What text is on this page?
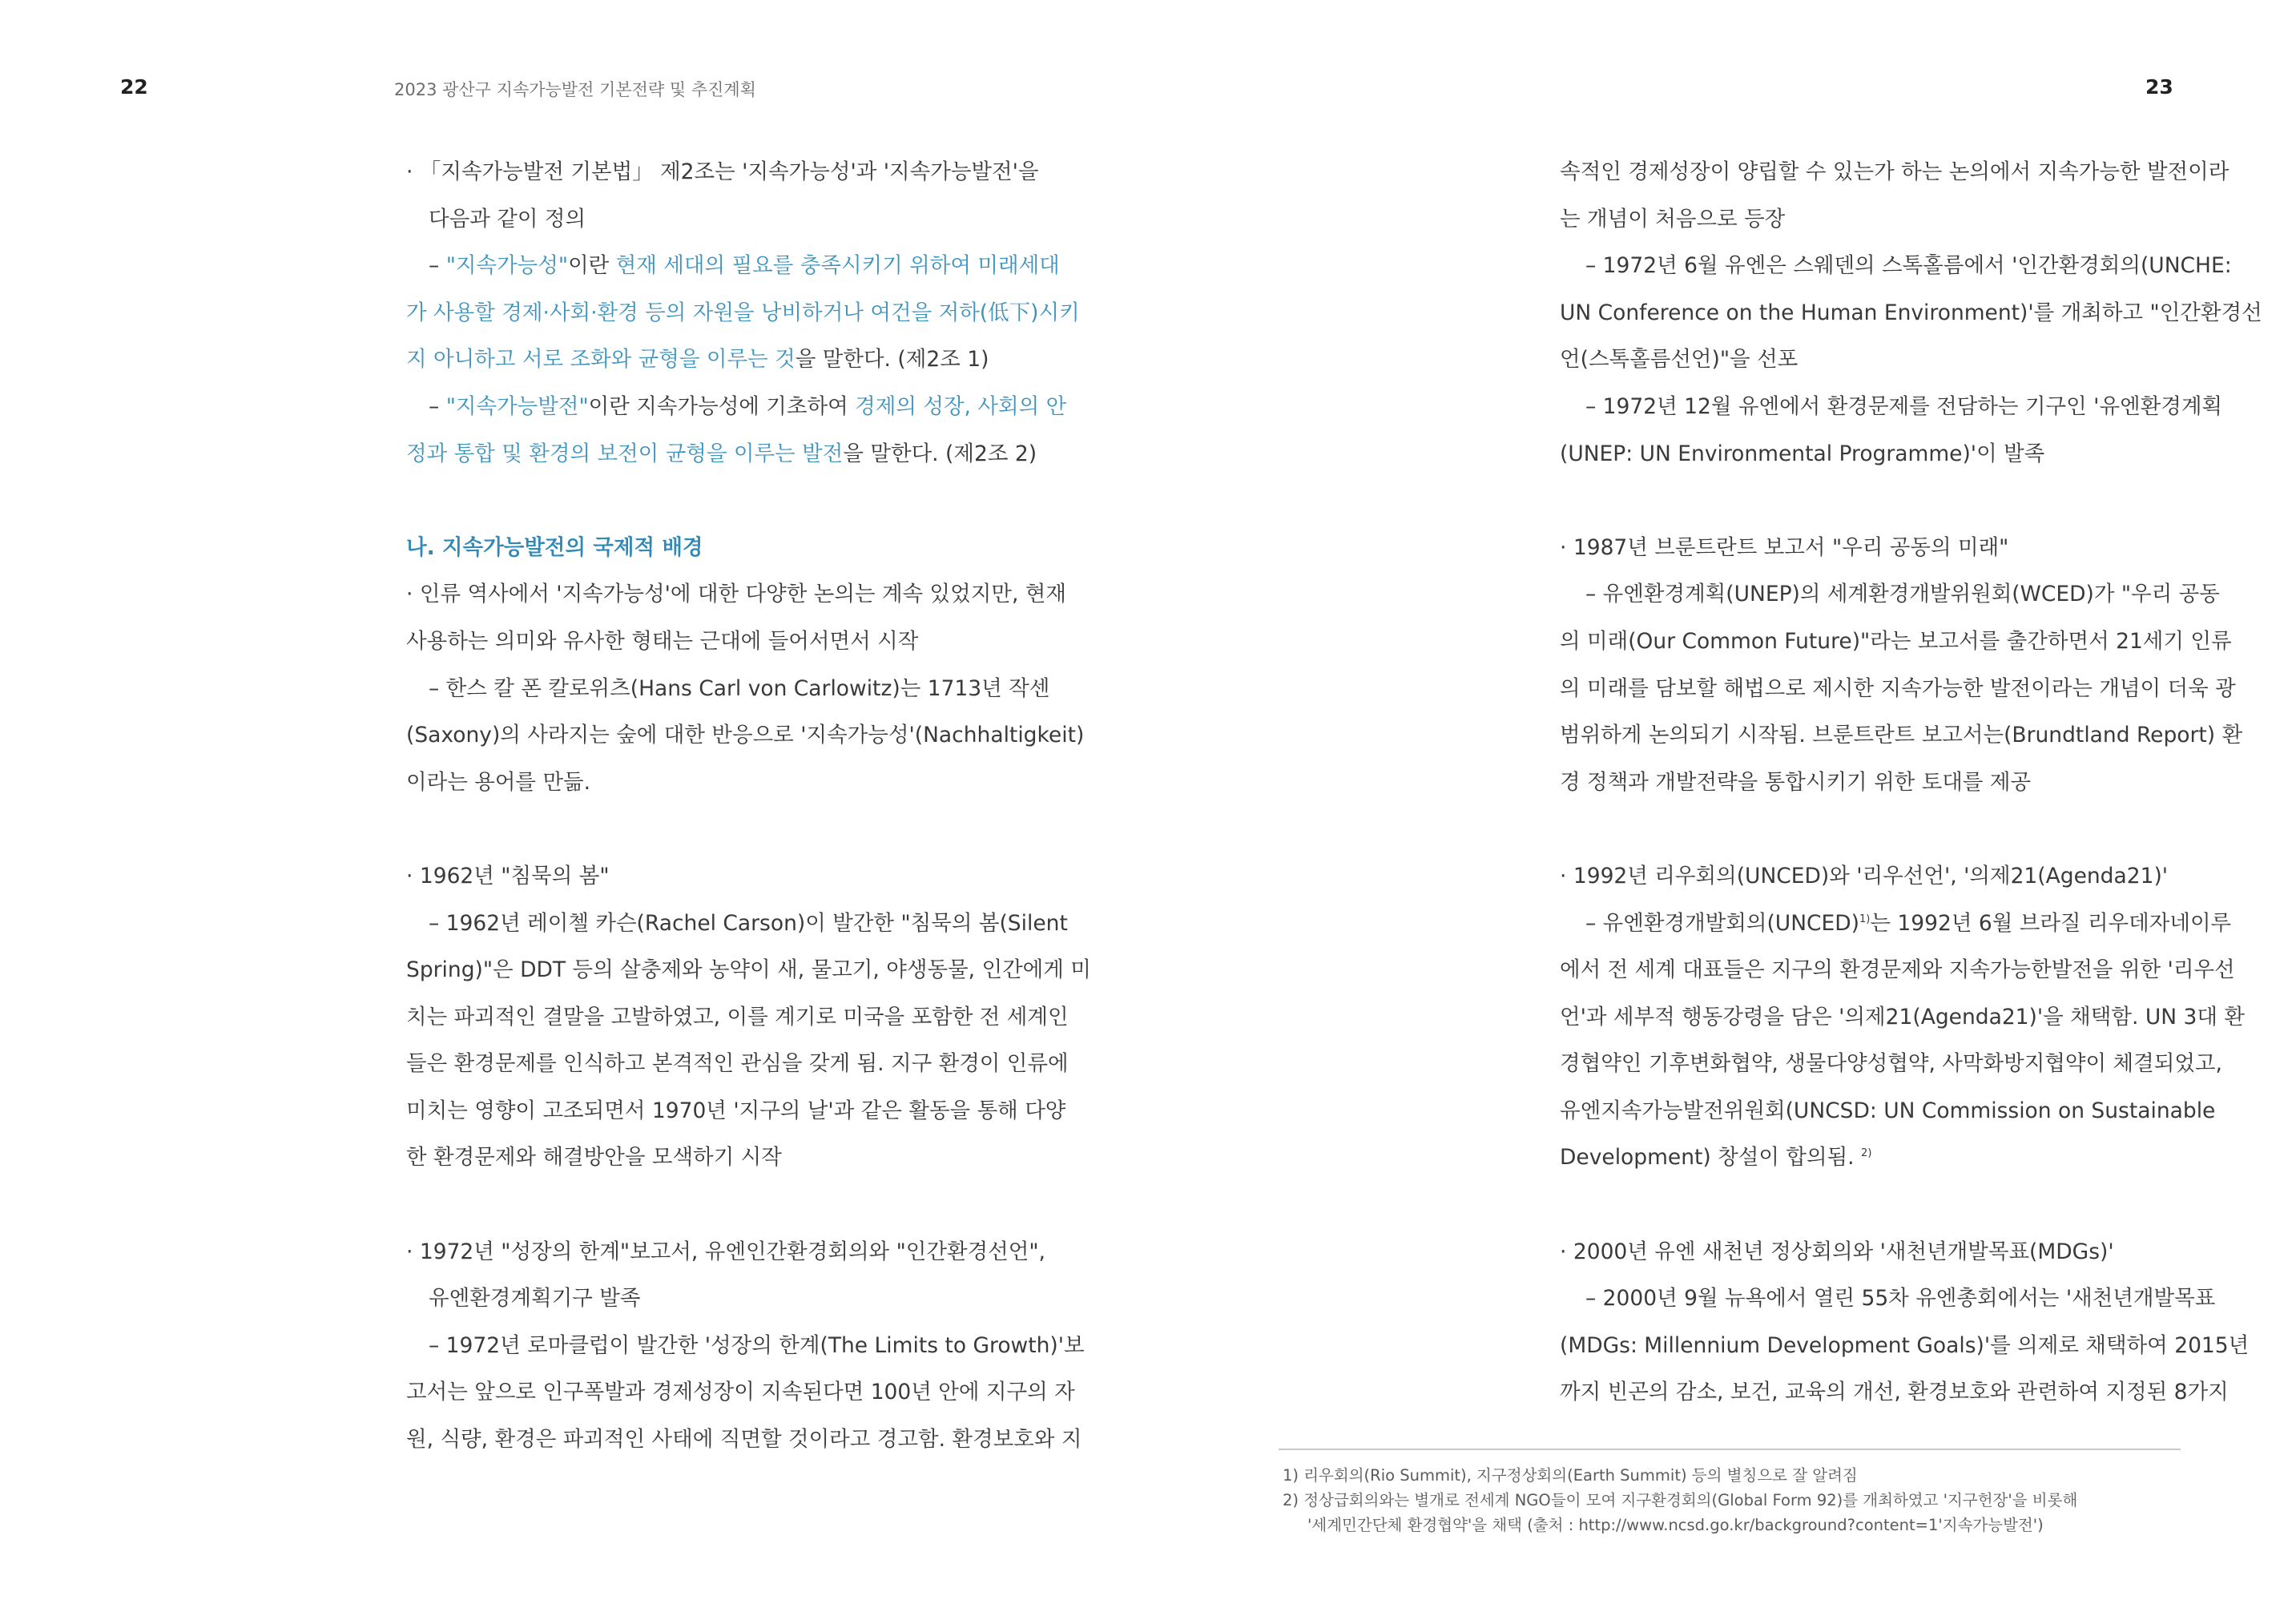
22	2023 광산구 지속가능발전 기본전략 및 추진계획	23
· 「지속가능발전 기본법」 제2조는 '지속가능성'과 '지속가능발전'을
다음과 같이 정의
– "지속가능성"이란 현재 세대의 필요를 충족시키기 위하여 미래세대
가 사용할 경제·사회·환경 등의 자원을 낭비하거나 여건을 저하(低下)시키
지 아니하고 서로 조화와 균형을 이루는 것을 말한다. (제2조 1)
– "지속가능발전"이란 지속가능성에 기초하여 경제의 성장, 사회의 안
정과 통합 및 환경의 보전이 균형을 이루는 발전을 말한다. (제2조 2)
나. 지속가능발전의 국제적 배경
· 인류 역사에서 '지속가능성'에 대한 다양한 논의는 계속 있었지만, 현재
사용하는 의미와 유사한 형태는 근대에 들어서면서 시작
– 한스 칼 폰 칼로위츠(Hans Carl von Carlowitz)는 1713년 작센
(Saxony)의 사라지는 숲에 대한 반응으로 '지속가능성'(Nachhaltigkeit)
이라는 용어를 만듦.
· 1962년 "침묵의 봄"
– 1962년 레이첼 카슨(Rachel Carson)이 발간한 "침묵의 봄(Silent
Spring)"은 DDT 등의 살충제와 농약이 새, 물고기, 야생동물, 인간에게 미
치는 파괴적인 결말을 고발하였고, 이를 계기로 미국을 포함한 전 세계인
들은 환경문제를 인식하고 본격적인 관심을 갖게 됨. 지구 환경이 인류에
미치는 영향이 고조되면서 1970년 '지구의 날'과 같은 활동을 통해 다양
한 환경문제와 해결방안을 모색하기 시작
· 1972년 "성장의 한계"보고서, 유엔인간환경회의와 "인간환경선언",
유엔환경계획기구 발족
– 1972년 로마클럽이 발간한 '성장의 한계(The Limits to Growth)'보
고서는 앞으로 인구폭발과 경제성장이 지속된다면 100년 안에 지구의 자
원, 식량, 환경은 파괴적인 사태에 직면할 것이라고 경고함. 환경보호와 지
속적인 경제성장이 양립할 수 있는가 하는 논의에서 지속가능한 발전이라
는 개념이 처음으로 등장
– 1972년 6월 유엔은 스웨덴의 스톡홀름에서 '인간환경회의(UNCHE:
UN Conference on the Human Environment)'를 개최하고 "인간환경선
언(스톡홀름선언)"을 선포
– 1972년 12월 유엔에서 환경문제를 전담하는 기구인 '유엔환경계획
(UNEP: UN Environmental Programme)'이 발족
· 1987년 브룬트란트 보고서 "우리 공동의 미래"
– 유엔환경계획(UNEP)의 세계환경개발위원회(WCED)가 "우리 공동
의 미래(Our Common Future)"라는 보고서를 출간하면서 21세기 인류
의 미래를 담보할 해법으로 제시한 지속가능한 발전이라는 개념이 더욱 광
범위하게 논의되기 시작됨. 브룬트란트 보고서는(Brundtland Report) 환
경 정책과 개발전략을 통합시키기 위한 토대를 제공
· 1992년 리우회의(UNCED)와 '리우선언', '의제21(Agenda21)'
– 유엔환경개발회의(UNCED)$^{1)}$는 1992년 6월 브라질 리우데자네이루
에서 전 세계 대표들은 지구의 환경문제와 지속가능한발전을 위한 '리우선
언'과 세부적 행동강령을 담은 '의제21(Agenda21)'을 채택함. UN 3대 환
경협약인 기후변화협약, 생물다양성협약, 사막화방지협약이 체결되었고,
유엔지속가능발전위원회(UNCSD: UN Commission on Sustainable
Development) 창설이 합의됨. $^{2)}$
· 2000년 유엔 새천년 정상회의와 '새천년개발목표(MDGs)'
– 2000년 9월 뉴욕에서 열린 55차 유엔총회에서는 '새천년개발목표
(MDGs: Millennium Development Goals)'를 의제로 채택하여 2015년
까지 빈곤의 감소, 보건, 교육의 개선, 환경보호와 관련하여 지정된 8가지
1) 리우회의(Rio Summit), 지구정상회의(Earth Summit) 등의 별칭으로 잘 알려짐
2) 정상급회의와는 별개로 전세계 NGO들이 모여 지구환경회의(Global Form 92)를 개최하였고 '지구헌장'을 비롯해
'세계민간단체 환경협약'을 채택 (출처 : http://www.ncsd.go.kr/background?content=1'지속가능발전')
